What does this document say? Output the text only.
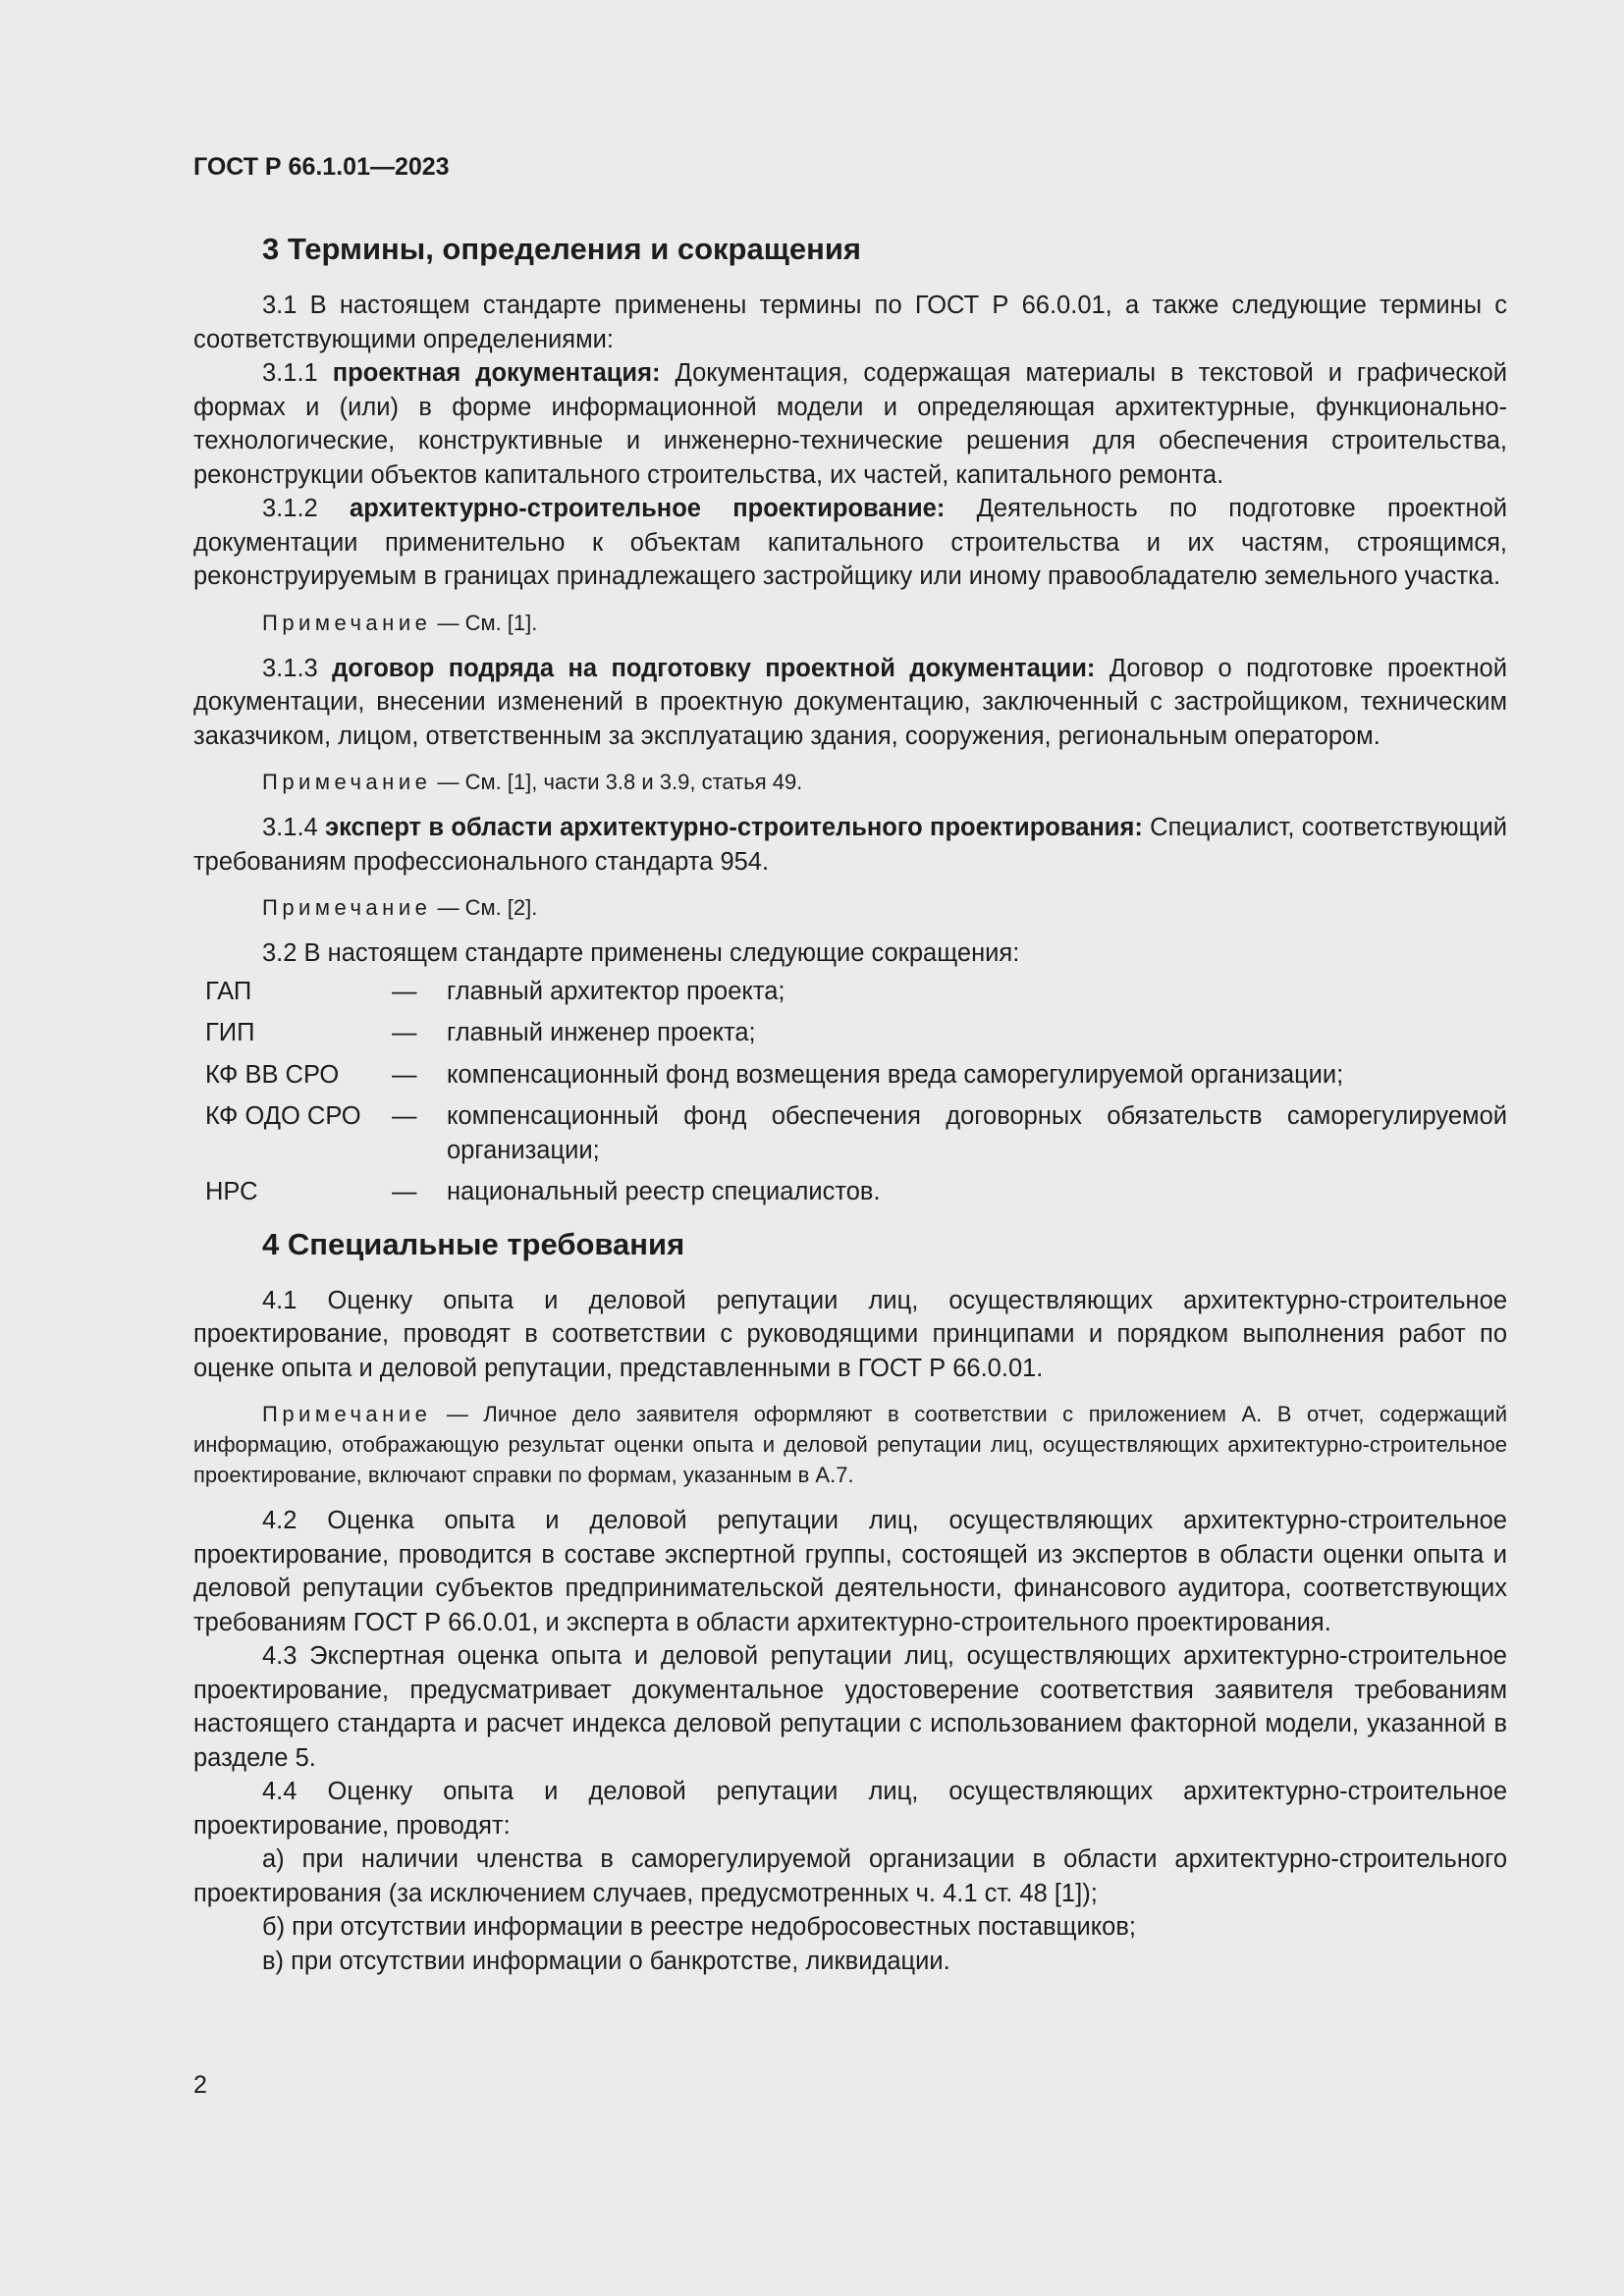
ГОСТ Р 66.1.01—2023
3 Термины, определения и сокращения

3.1 В настоящем стандарте применены термины по ГОСТ Р 66.0.01, а также следующие термины с соответствующими определениями:

3.1.1 проектная документация: Документация, содержащая материалы в текстовой и графической формах и (или) в форме информационной модели и определяющая архитектурные, функционально-технологические, конструктивные и инженерно-технические решения для обеспечения строительства, реконструкции объектов капитального строительства, их частей, капитального ремонта.

3.1.2 архитектурно-строительное проектирование: Деятельность по подготовке проектной документации применительно к объектам капитального строительства и их частям, строящимся, реконструируемым в границах принадлежащего застройщику или иному правообладателю земельного участка.

Примечание — См. [1].

3.1.3 договор подряда на подготовку проектной документации: Договор о подготовке проектной документации, внесении изменений в проектную документацию, заключенный с застройщиком, техническим заказчиком, лицом, ответственным за эксплуатацию здания, сооружения, региональным оператором.

Примечание — См. [1], части 3.8 и 3.9, статья 49.

3.1.4 эксперт в области архитектурно-строительного проектирования: Специалист, соответствующий требованиям профессионального стандарта 954.

Примечание — См. [2].

3.2 В настоящем стандарте применены следующие сокращения:

ГАП	—	главный архитектор проекта;
ГИП	—	главный инженер проекта;
КФ ВВ СРО	—	компенсационный фонд возмещения вреда саморегулируемой организации;
КФ ОДО СРО	—	компенсационный фонд обеспечения договорных обязательств саморегулируемой организации;
НРС	—	национальный реестр специалистов.
4 Специальные требования

4.1 Оценку опыта и деловой репутации лиц, осуществляющих архитектурно-строительное проектирование, проводят в соответствии с руководящими принципами и порядком выполнения работ по оценке опыта и деловой репутации, представленными в ГОСТ Р 66.0.01.

Примечание — Личное дело заявителя оформляют в соответствии с приложением А. В отчет, содержащий информацию, отображающую результат оценки опыта и деловой репутации лиц, осуществляющих архитектурно-строительное проектирование, включают справки по формам, указанным в А.7.

4.2 Оценка опыта и деловой репутации лиц, осуществляющих архитектурно-строительное проектирование, проводится в составе экспертной группы, состоящей из экспертов в области оценки опыта и деловой репутации субъектов предпринимательской деятельности, финансового аудитора, соответствующих требованиям ГОСТ Р 66.0.01, и эксперта в области архитектурно-строительного проектирования.

4.3 Экспертная оценка опыта и деловой репутации лиц, осуществляющих архитектурно-строительное проектирование, предусматривает документальное удостоверение соответствия заявителя требованиям настоящего стандарта и расчет индекса деловой репутации с использованием факторной модели, указанной в разделе 5.

4.4 Оценку опыта и деловой репутации лиц, осуществляющих архитектурно-строительное проектирование, проводят:

а) при наличии членства в саморегулируемой организации в области архитектурно-строительного проектирования (за исключением случаев, предусмотренных ч. 4.1 ст. 48 [1]);

б) при отсутствии информации в реестре недобросовестных поставщиков;

в) при отсутствии информации о банкротстве, ликвидации.

2
